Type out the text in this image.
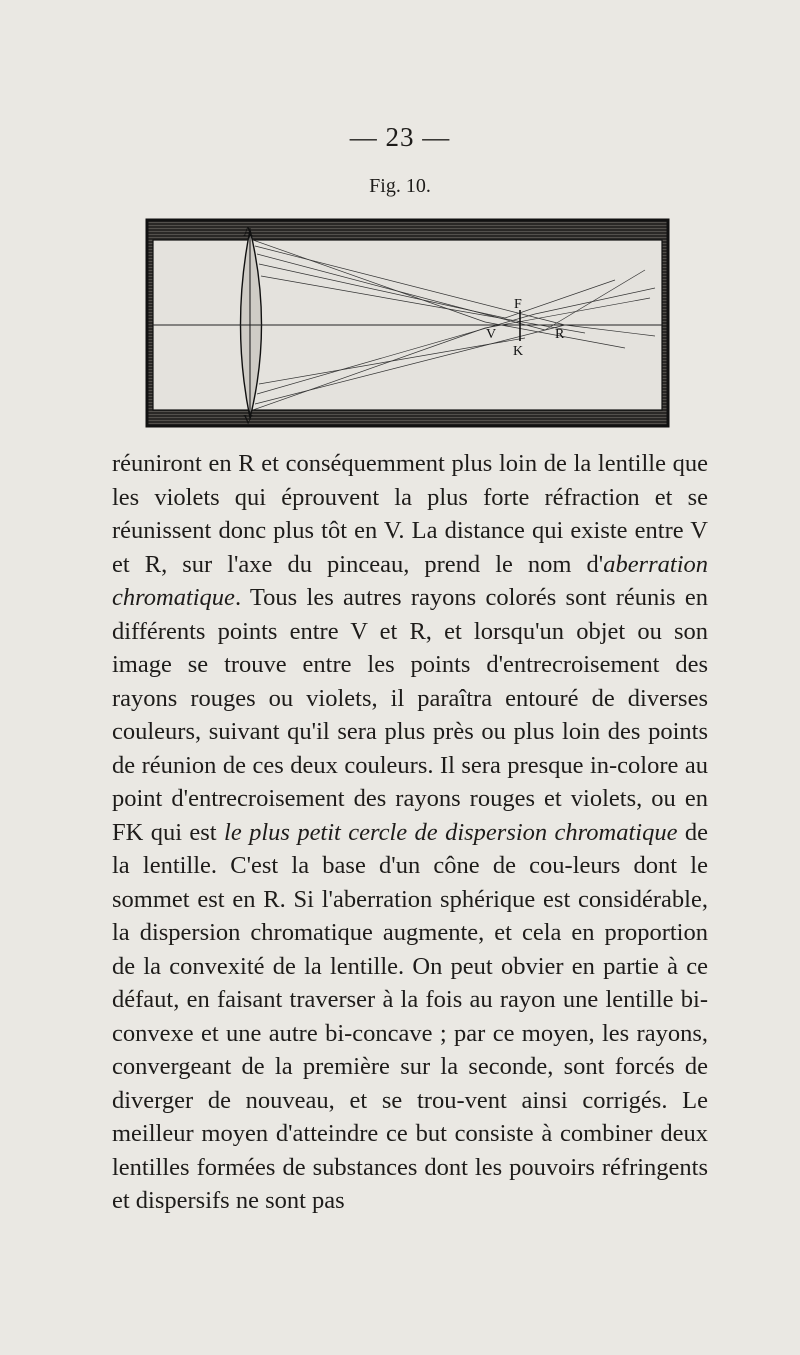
— 23 —
Fig. 10.
A
V
F
V	R
K

réuniront en R et conséquemment plus loin de la lentille que les violets qui éprouvent la plus forte réfraction et se réunissent donc plus tôt en V. La distance qui existe entre V et R, sur l'axe du pinceau, prend le nom d'aberration chromatique. Tous les autres rayons colorés sont réunis en différents points entre V et R, et lorsqu'un objet ou son image se trouve entre les points d'entrecroisement des rayons rouges ou violets, il paraîtra entouré de diverses couleurs, suivant qu'il sera plus près ou plus loin des points de réunion de ces deux couleurs. Il sera presque in-colore au point d'entrecroisement des rayons rouges et violets, ou en FK qui est le plus petit cercle de dispersion chromatique de la lentille. C'est la base d'un cône de cou-leurs dont le sommet est en R. Si l'aberration sphérique est considérable, la dispersion chromatique augmente, et cela en proportion de la convexité de la lentille. On peut obvier en partie à ce défaut, en faisant traverser à la fois au rayon une lentille bi-convexe et une autre bi-concave ; par ce moyen, les rayons, convergeant de la première sur la seconde, sont forcés de diverger de nouveau, et se trou-vent ainsi corrigés. Le meilleur moyen d'atteindre ce but consiste à combiner deux lentilles formées de substances dont les pouvoirs réfringents et dispersifs ne sont pas
